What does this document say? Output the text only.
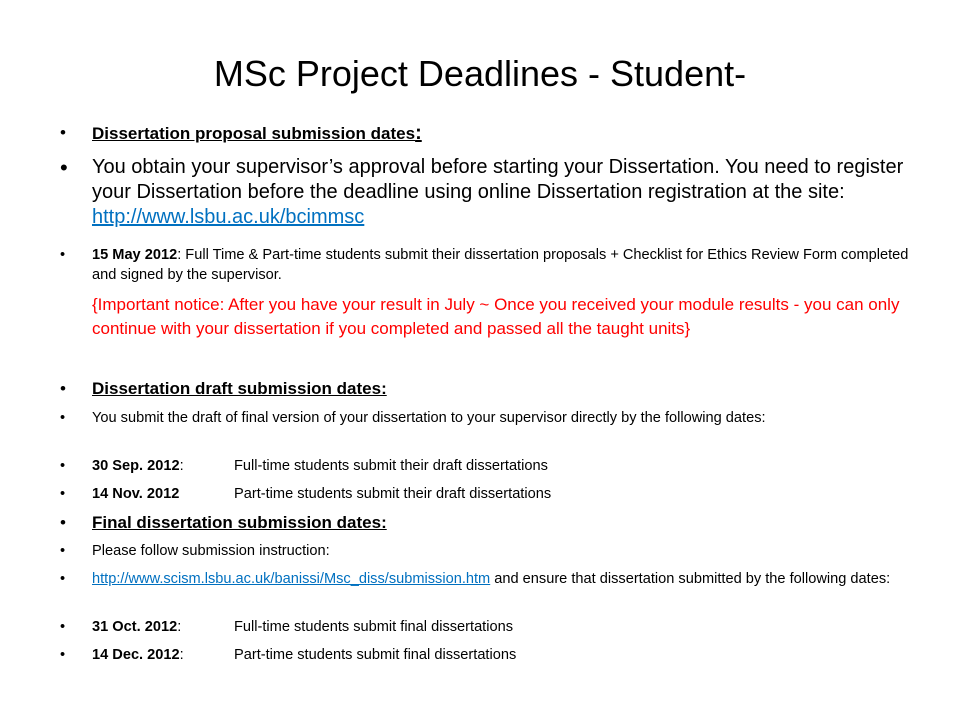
MSc Project Deadlines - Student-
•	Dissertation proposal submission dates:
•	You obtain your supervisor’s approval before starting your Dissertation. You need to register your Dissertation before the deadline using online Dissertation registration at the site: http://www.lsbu.ac.uk/bcimmsc
•	15 May 2012: Full Time & Part-time students submit their dissertation proposals + Checklist for Ethics Review Form completed and signed by the supervisor.
{Important notice: After you have your result in July ~ Once you received your module results - you can only continue with your dissertation if you completed and passed all the taught units}
•	Dissertation draft submission dates:
•	You submit the draft of final version of your dissertation to your supervisor directly by the following dates:
•	30 Sep. 2012:	Full-time students submit their draft dissertations
•	14 Nov. 2012	Part-time students submit their draft dissertations
•	Final dissertation submission dates:
•	Please follow submission instruction:
•	http://www.scism.lsbu.ac.uk/banissi/Msc_diss/submission.htm and ensure that dissertation submitted by the following dates:
•	31 Oct. 2012:	Full-time students submit final dissertations
•	14 Dec. 2012:	Part-time students submit final dissertations
